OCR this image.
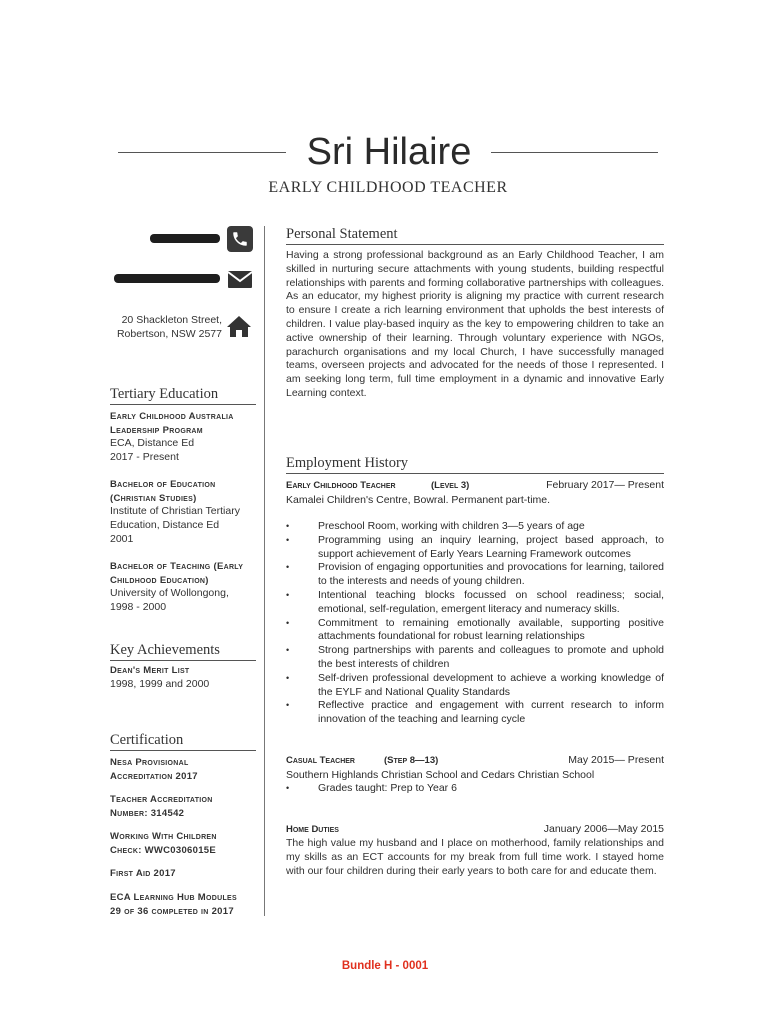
Sri Hilaire
EARLY CHILDHOOD TEACHER
20 Shackleton Street,
Robertson, NSW 2577
Tertiary Education
Early Childhood Australia
Leadership Program
ECA, Distance Ed
2017 - Present
Bachelor of Education
(Christian Studies)
Institute of Christian Tertiary
Education, Distance Ed
2001
Bachelor of Teaching (Early
Childhood Education)
University of Wollongong,
1998 - 2000
Key Achievements
Dean's Merit List
1998, 1999 and 2000
Certification
Nesa Provisional
Accreditation 2017
Teacher Accreditation
Number: 314542
Working With Children
Check: WWC0306015E
First Aid 2017
ECA Learning Hub Modules
29 of 36 completed in 2017
Personal Statement
Having a strong professional background as an Early Childhood Teacher, I am skilled in nurturing secure attachments with young students, building respectful relationships with parents and forming collaborative partnerships with colleagues. As an educator, my highest priority is aligning my practice with current research to ensure I create a rich learning environment that upholds the best interests of children. I value play-based inquiry as the key to empowering children to take an active ownership of their learning. Through voluntary experience with NGOs, parachurch organisations and my local Church, I have successfully managed teams, overseen projects and advocated for the needs of those I represented. I am seeking long term, full time employment in a dynamic and innovative Early Learning context.
Employment History
Early Childhood Teacher	(Level 3)	February 2017— Present
Kamalei Children's Centre, Bowral. Permanent part-time.
• Preschool Room, working with children 3—5 years of age
• Programming using an inquiry learning, project based approach, to support achievement of Early Years Learning Framework outcomes
• Provision of engaging opportunities and provocations for learning, tailored to the interests and needs of young children.
• Intentional teaching blocks focussed on school readiness; social, emotional, self-regulation, emergent literacy and numeracy skills.
• Commitment to remaining emotionally available, supporting positive attachments foundational for robust learning relationships
• Strong partnerships with parents and colleagues to promote and uphold the best interests of children
• Self-driven professional development to achieve a working knowledge of the EYLF and National Quality Standards
• Reflective practice and engagement with current research to inform innovation of the teaching and learning cycle
Casual Teacher	(Step 8—13)	May 2015— Present
Southern Highlands Christian School and Cedars Christian School
• Grades taught: Prep to Year 6
Home Duties	January 2006—May 2015
The high value my husband and I place on motherhood, family relationships and my skills as an ECT accounts for my break from full time work. I stayed home with our four children during their early years to both care for and educate them.
Bundle H - 0001
